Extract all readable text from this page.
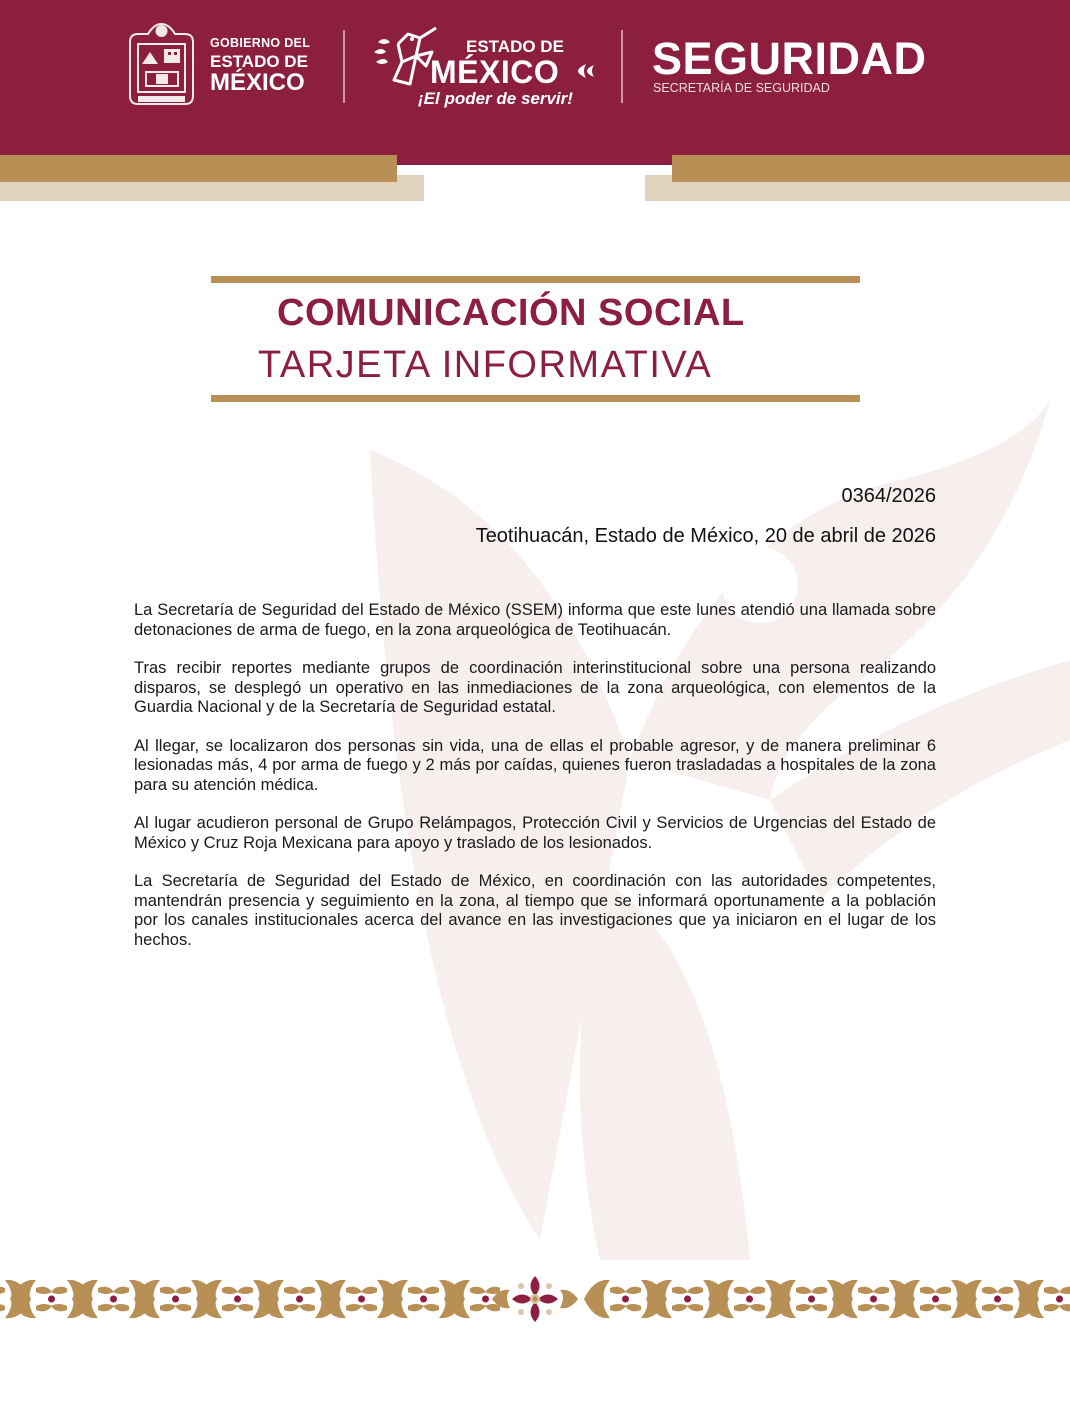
GOBIERNO DEL
ESTADO DE
MÉXICO
ESTADO DE
MÉXICO
¡El poder de servir!
SEGURIDAD
SECRETARÍA DE SEGURIDAD
COMUNICACIÓN SOCIAL
TARJETA INFORMATIVA
0364/2026
Teotihuacán, Estado de México, 20 de abril de 2026

La Secretaría de Seguridad del Estado de México (SSEM) informa que este lunes atendió una llamada sobre detonaciones de arma de fuego, en la zona arqueológica de Teotihuacán.

Tras recibir reportes mediante grupos de coordinación interinstitucional sobre una persona realizando disparos, se desplegó un operativo en las inmediaciones de la zona arqueológica, con elementos de la Guardia Nacional y de la Secretaría de Seguridad estatal.

Al llegar, se localizaron dos personas sin vida, una de ellas el probable agresor, y de manera preliminar 6 lesionadas más, 4 por arma de fuego y 2 más por caídas, quienes fueron trasladadas a hospitales de la zona para su atención médica.

Al lugar acudieron personal de Grupo Relámpagos, Protección Civil y Servicios de Urgencias del Estado de México y Cruz Roja Mexicana para apoyo y traslado de los lesionados.

La Secretaría de Seguridad del Estado de México, en coordinación con las autoridades competentes, mantendrán presencia y seguimiento en la zona, al tiempo que se informará oportunamente a la población por los canales institucionales acerca del avance en las investigaciones que ya iniciaron en el lugar de los hechos.
